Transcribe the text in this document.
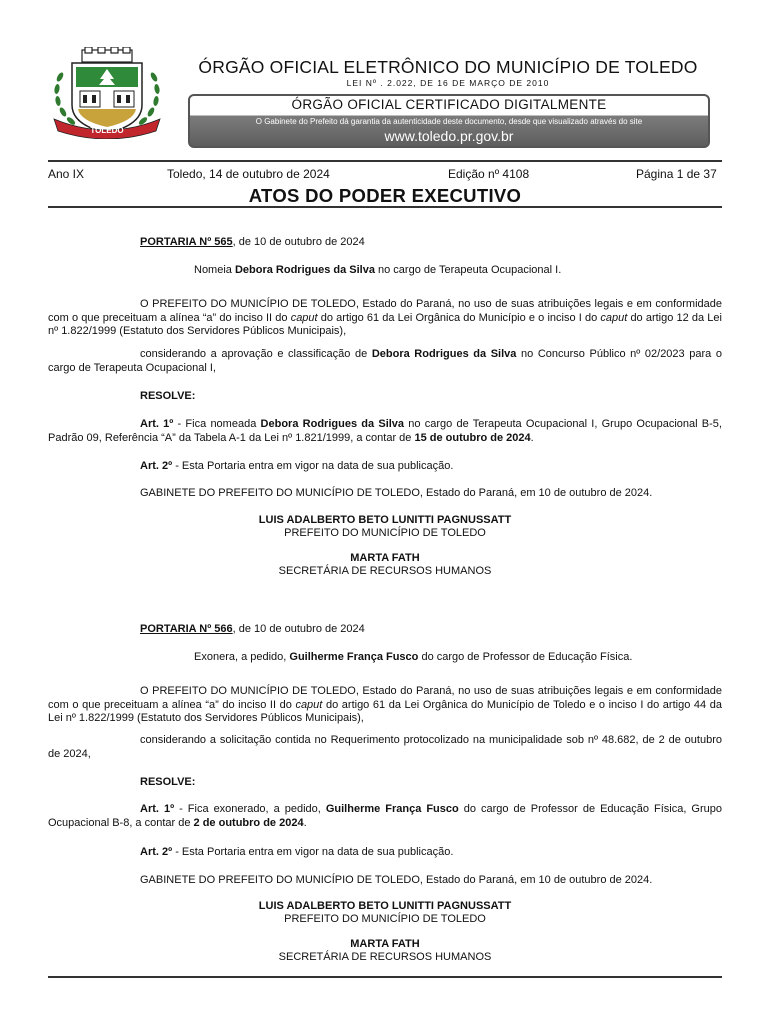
TOLEDO
ÓRGÃO OFICIAL ELETRÔNICO DO MUNICÍPIO DE TOLEDO
LEI Nº . 2.022, DE 16 DE MARÇO DE 2010
ÓRGÃO OFICIAL CERTIFICADO DIGITALMENTE
O Gabinete do Prefeito dá garantia da autenticidade deste documento, desde que visualizado através do site
www.toledo.pr.gov.br
Ano IX	Toledo, 14 de outubro de 2024	Edição nº 4108	Página 1 de 37
ATOS DO PODER EXECUTIVO
PORTARIA Nº 565, de 10 de outubro de 2024
Nomeia Debora Rodrigues da Silva no cargo de Terapeuta Ocupacional I.
O PREFEITO DO MUNICÍPIO DE TOLEDO, Estado do Paraná, no uso de suas atribuições legais e em conformidade com o que preceituam a alínea “a” do inciso II do caput do artigo 61 da Lei Orgânica do Município e o inciso I do caput do artigo 12 da Lei nº 1.822/1999 (Estatuto dos Servidores Públicos Municipais),
considerando a aprovação e classificação de Debora Rodrigues da Silva no Concurso Público nº 02/2023 para o cargo de Terapeuta Ocupacional I,
RESOLVE:
Art. 1º - Fica nomeada Debora Rodrigues da Silva no cargo de Terapeuta Ocupacional I, Grupo Ocupacional B-5, Padrão 09, Referência “A” da Tabela A-1 da Lei nº 1.821/1999, a contar de 15 de outubro de 2024.
Art. 2º - Esta Portaria entra em vigor na data de sua publicação.
GABINETE DO PREFEITO DO MUNICÍPIO DE TOLEDO, Estado do Paraná, em 10 de outubro de 2024.
LUIS ADALBERTO BETO LUNITTI PAGNUSSATT
PREFEITO DO MUNICÍPIO DE TOLEDO
MARTA FATH
SECRETÁRIA DE RECURSOS HUMANOS
PORTARIA Nº 566, de 10 de outubro de 2024
Exonera, a pedido, Guilherme França Fusco do cargo de Professor de Educação Física.
O PREFEITO DO MUNICÍPIO DE TOLEDO, Estado do Paraná, no uso de suas atribuições legais e em conformidade com o que preceituam a alínea “a” do inciso II do caput do artigo 61 da Lei Orgânica do Município de Toledo e o inciso I do artigo 44 da Lei nº 1.822/1999 (Estatuto dos Servidores Públicos Municipais),
considerando a solicitação contida no Requerimento protocolizado na municipalidade sob nº 48.682, de 2 de outubro de 2024,
RESOLVE:
Art. 1º - Fica exonerado, a pedido, Guilherme França Fusco do cargo de Professor de Educação Física, Grupo Ocupacional B-8, a contar de 2 de outubro de 2024.
Art. 2º - Esta Portaria entra em vigor na data de sua publicação.
GABINETE DO PREFEITO DO MUNICÍPIO DE TOLEDO, Estado do Paraná, em 10 de outubro de 2024.
LUIS ADALBERTO BETO LUNITTI PAGNUSSATT
PREFEITO DO MUNICÍPIO DE TOLEDO
MARTA FATH
SECRETÁRIA DE RECURSOS HUMANOS
